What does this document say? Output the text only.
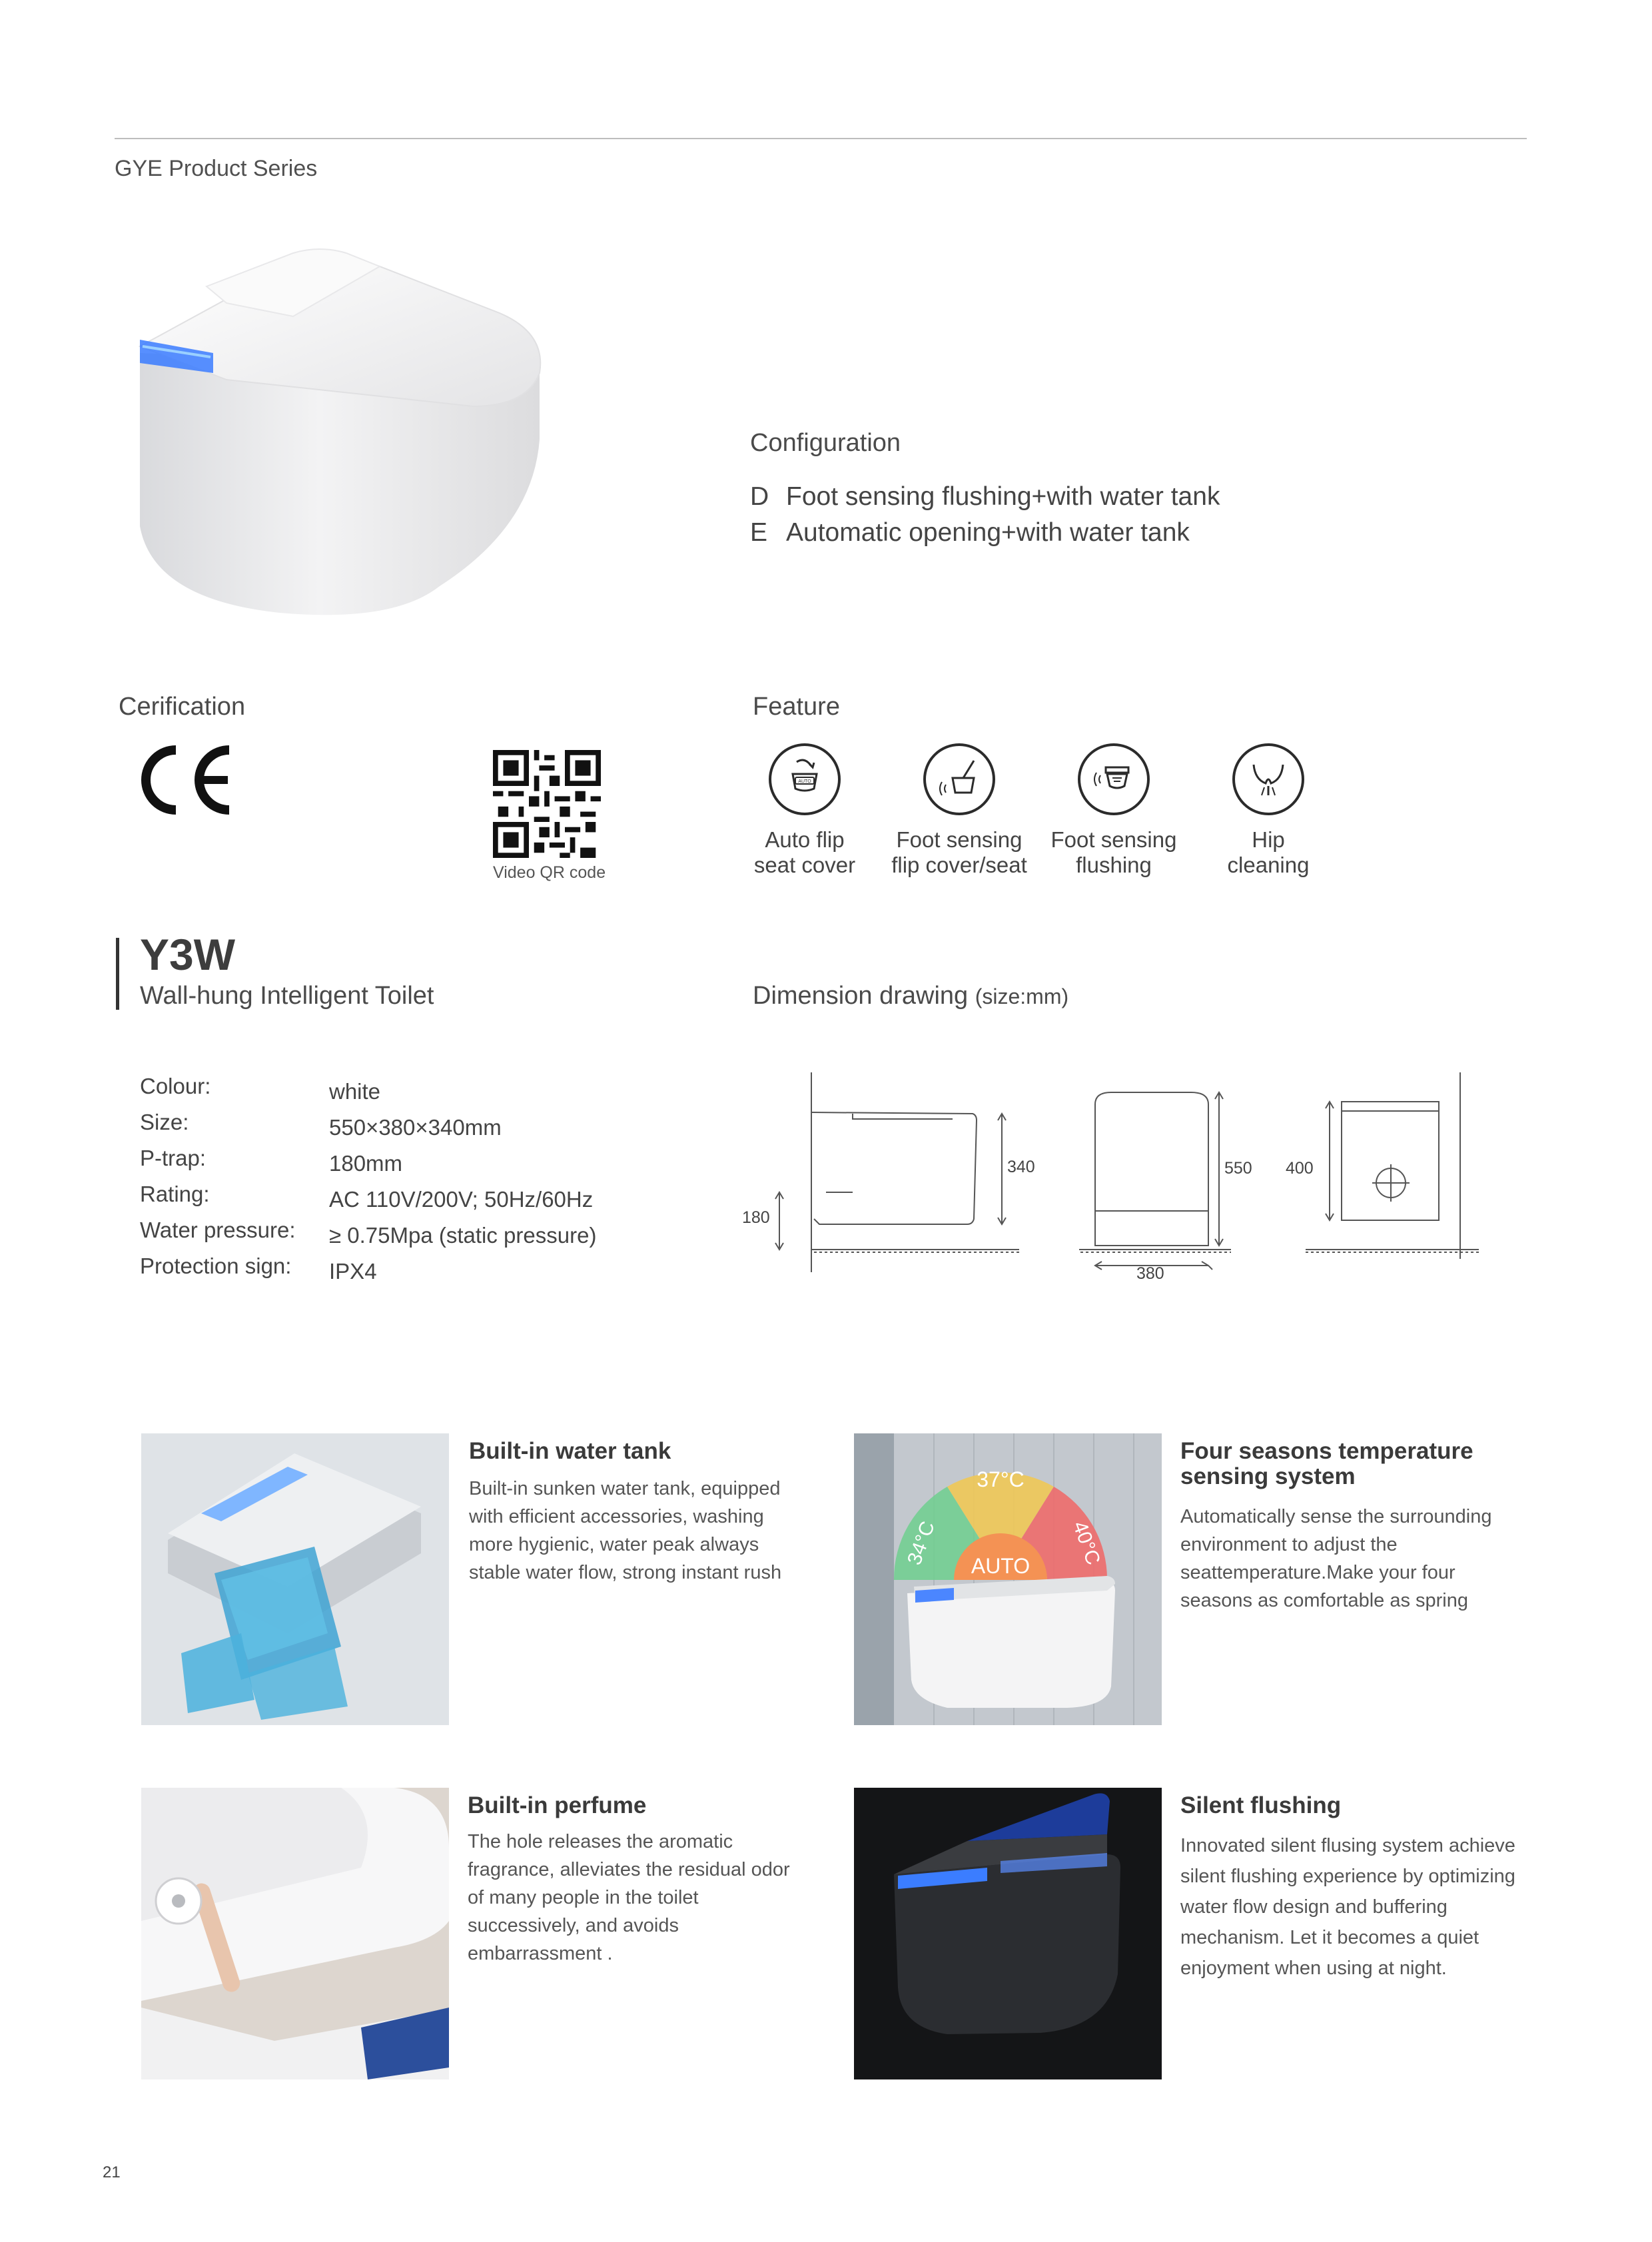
GYE Product Series
Configuration
D Foot sensing flushing+with water tank
E Automatic opening+with water tank
Cerification
Video QR code
Feature
AUTO
Auto flip
seat cover
Foot sensing
flip cover/seat
Foot sensing
flushing
Hip
cleaning
Y3W
Wall-hung Intelligent Toilet
Colour:	white
Size:	550×380×340mm
P-trap:	180mm
Rating:	AC 110V/200V; 50Hz/60Hz
Water pressure: ≥ 0.75Mpa (static pressure)
Protection sign: IPX4
Dimension drawing (size:mm)
340
180
550
380
400
Built-in water tank
Built-in sunken water tank, equipped with efficient accessories, washing more hygienic, water peak always stable water flow, strong instant rush
37°C
34°C	40°C
AUTO
Four seasons temperature sensing system
Automatically sense the surrounding environment to adjust the seattemperature.Make your four seasons as comfortable as spring
Built-in perfume
The hole releases the aromatic fragrance, alleviates the residual odor of many people in the toilet successively, and avoids embarrassment .
Silent flushing
Innovated silent flusing system achieve silent flushing experience by optimizing water flow design and buffering mechanism. Let it becomes a quiet enjoyment when using at night.
21
